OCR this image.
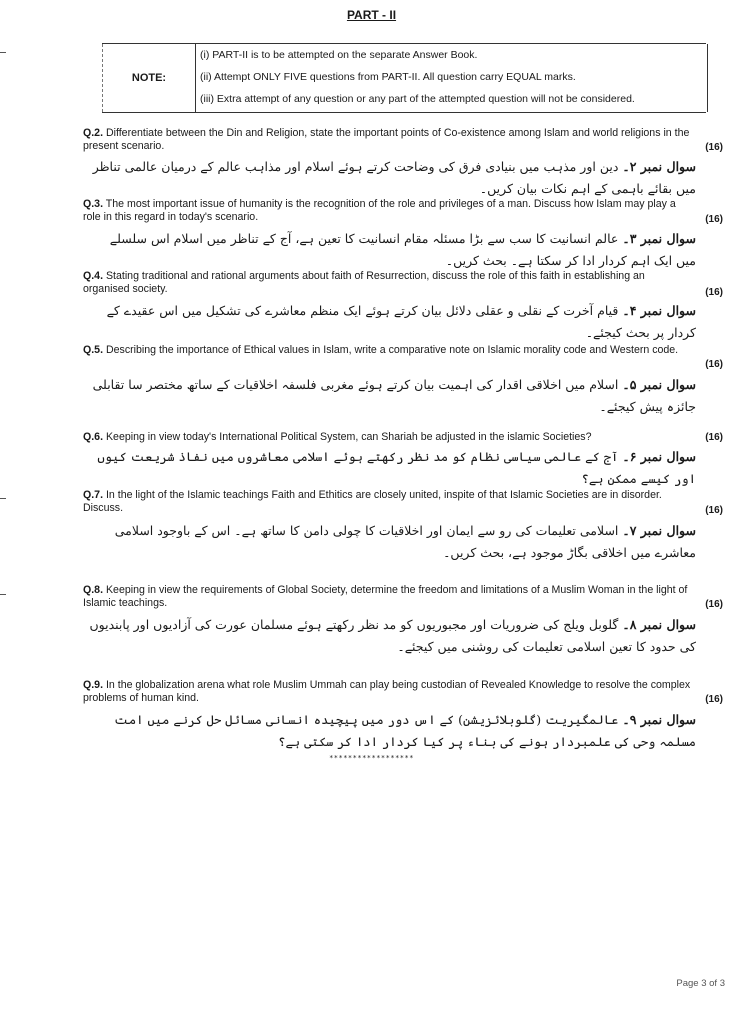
PART - II
NOTE:
(i) PART-II is to be attempted on the separate Answer Book.
(ii) Attempt ONLY FIVE questions from PART-II. All question carry EQUAL marks.
(iii) Extra attempt of any question or any part of the attempted question will not be considered.
Q.2. Differentiate between the Din and Religion, state the important points of Co-existence among Islam and world religions in the present scenario.	(16)
سوال نمبر ۲۔ دین اور مذہب میں بنیادی فرق کی وضاحت کرتے ہوئے اسلام اور مذاہب عالم کے درمیان عالمی تناظر میں بقائے باہمی کے اہم نکات بیان کریں۔
Q.3. The most important issue of humanity is the recognition of the role and privileges of a man. Discuss how Islam may play a role in this regard in today's scenario.	(16)
سوال نمبر ۳۔ عالم انسانیت کا سب سے بڑا مسئلہ مقام انسانیت کا تعین ہے، آج کے تناظر میں اسلام اس سلسلے میں ایک اہم کردار ادا کر سکتا ہے۔ بحث کریں۔
Q.4. Stating traditional and rational arguments about faith of Resurrection, discuss the role of this faith in establishing an organised society.	(16)
سوال نمبر ۴۔ قیام آخرت کے نقلی و عقلی دلائل بیان کرتے ہوئے ایک منظم معاشرے کی تشکیل میں اس عقیدے کے کردار پر بحث کیجئے۔
Q.5. Describing the importance of Ethical values in Islam, write a comparative note on Islamic morality code and Western code.
(16)
سوال نمبر ۵۔ اسلام میں اخلاقی اقدار کی اہمیت بیان کرتے ہوئے مغربی فلسفہ اخلاقیات کے ساتھ مختصر سا تقابلی جائزہ پیش کیجئے۔
Q.6. Keeping in view today's International Political System, can Shariah be adjusted in the islamic Societies?	(16)
سوال نمبر ۶۔ آج کے عالمی سیاسی نظام کو مد نظر رکھتے ہوئے اسلامی معاشروں میں نفاذ شریعت کیوں اور کیسے ممکن ہے؟
Q.7. In the light of the Islamic teachings Faith and Ethitics are closely united, inspite of that Islamic Societies are in disorder. Discuss.	(16)
سوال نمبر ۷۔ اسلامی تعلیمات کی رو سے ایمان اور اخلاقیات کا چولی دامن کا ساتھ ہے۔ اس کے باوجود اسلامی معاشرے میں اخلاقی بگاڑ موجود ہے، بحث کریں۔
Q.8. Keeping in view the requirements of Global Society, determine the freedom and limitations of a Muslim Woman in the light of Islamic teachings.	(16)
سوال نمبر ۸۔ گلوبل ویلج کی ضروریات اور مجبوریوں کو مد نظر رکھتے ہوئے مسلمان عورت کی آزادیوں اور پابندیوں کی حدود کا تعین اسلامی تعلیمات کی روشنی میں کیجئے۔
Q.9. In the globalization arena what role Muslim Ummah can play being custodian of Revealed Knowledge to resolve the complex problems of human kind.	(16)
سوال نمبر ۹۔ عالمگیریت (گلوبلائزیشن) کے اس دور میں پیچیدہ انسانی مسائل حل کرنے میں امت مسلمہ وحی کی علمبردار ہونے کی بناء پر کیا کردار ادا کر سکتی ہے؟
******************
Page 3 of 3
